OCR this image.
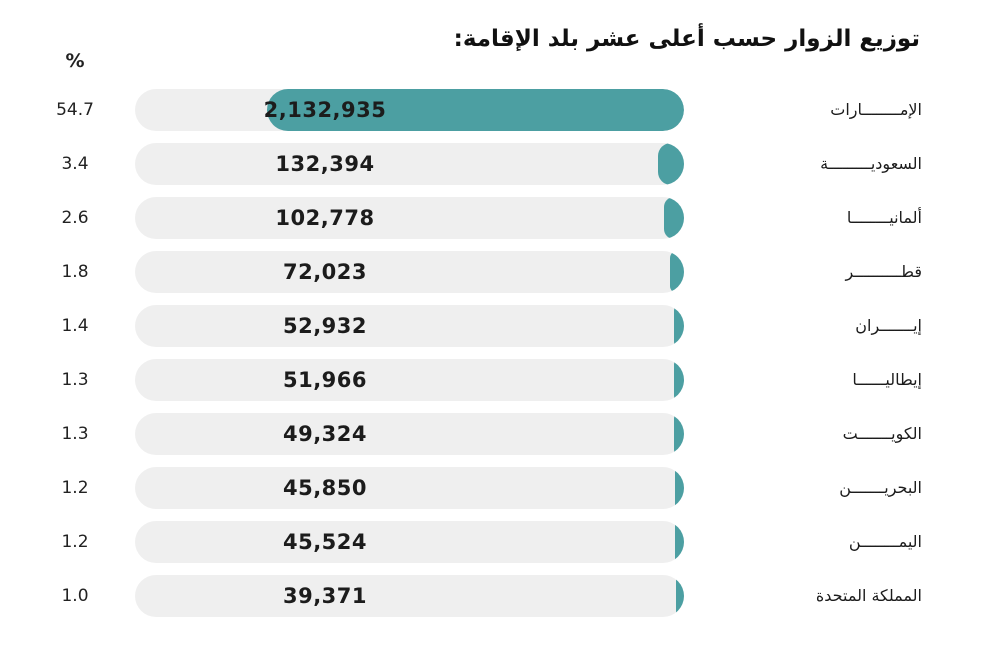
توزيع الزوار حسب أعلى عشر بلد الإقامة:
%
54.7	2,132,935	الإمــــــــارات
3.4	132,394	السعوديـــــــــة
2.6	102,778	ألمانيــــــــا
1.8	72,023	قطــــــــــر
1.4	52,932	إيـــــــران
1.3	51,966	إيطاليــــــا
1.3	49,324	الكويـــــــت
1.2	45,850	البحريـــــــن
1.2	45,524	اليمــــــــن
1.0	39,371	المملكة المتحدة
